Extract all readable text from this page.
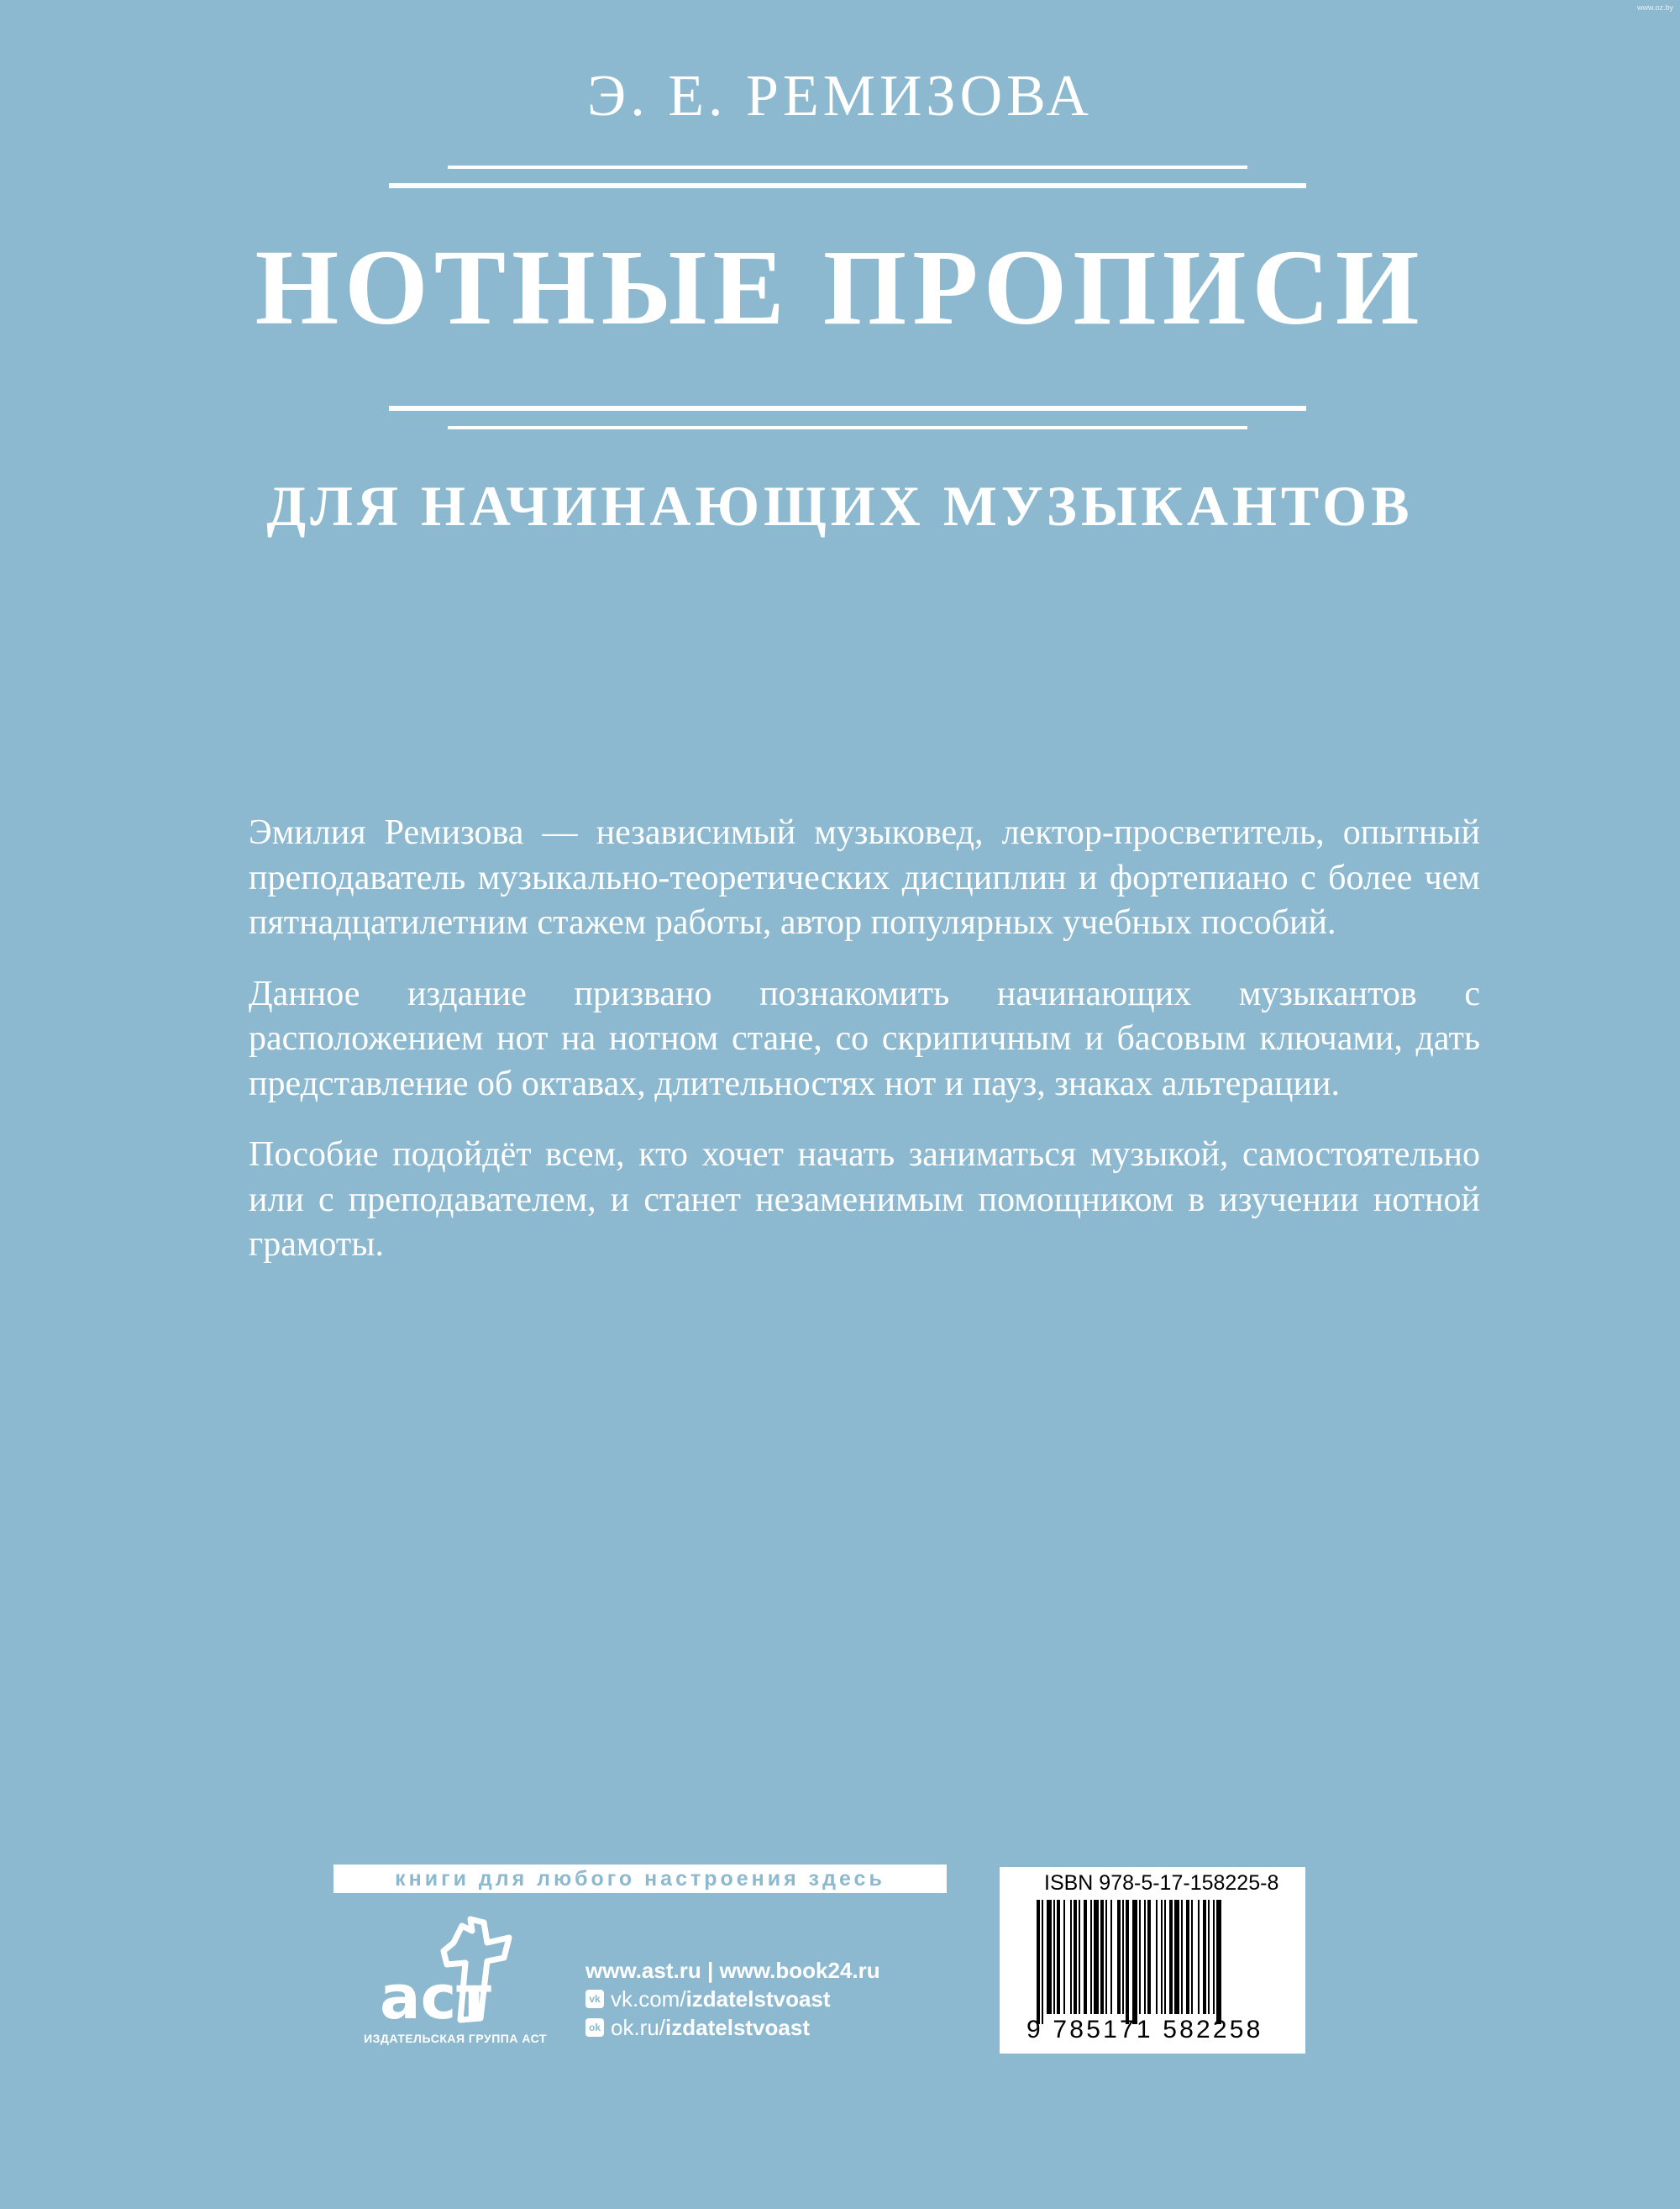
www.oz.by
Э. Е. РЕМИЗОВА
НОТНЫЕ ПРОПИСИ
ДЛЯ НАЧИНАЮЩИХ МУЗЫКАНТОВ

Эмилия Ремизова — независимый музыковед, лектор-просветитель, опытный преподаватель музыкально-теоретических дисциплин и фортепиано с более чем пятнадцатилетним стажем работы, автор популярных учебных пособий.

Данное издание призвано познакомить начинающих музыкантов с расположением нот на нотном стане, со скрипичным и басовым ключами, дать представление об октавах, длительностях нот и пауз, знаках альтерации.

Пособие подойдёт всем, кто хочет начать заниматься музыкой, самостоятельно или с преподавателем, и станет незаменимым помощником в изучении нотной грамоты.

книги для любого настроения здесь
аст
ИЗДАТЕЛЬСКАЯ ГРУППА АСТ
www.ast.ru | www.book24.ru
vk vk.com/ izdatelstvoast
ok ok.ru/ izdatelstvoast
ISBN 978-5-17-158225-8
9 785171 582258
